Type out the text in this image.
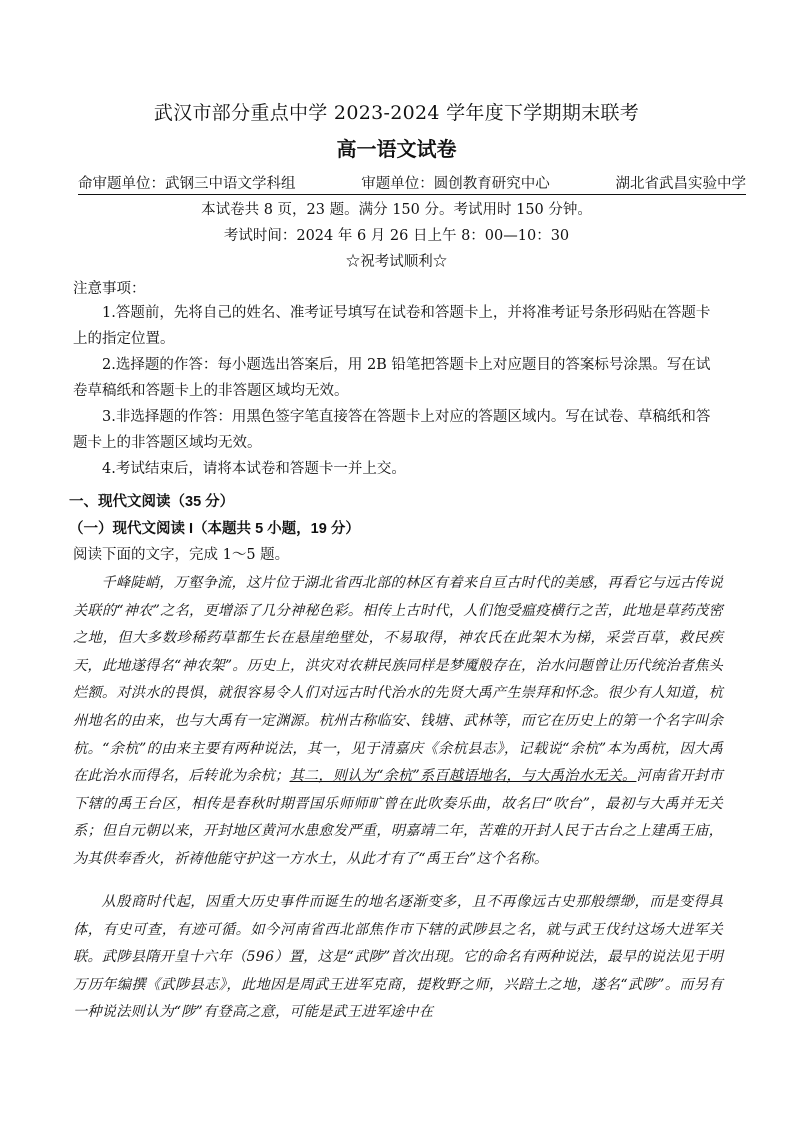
武汉市部分重点中学 2023-2024 学年度下学期期末联考
高一语文试卷
命审题单位：武钢三中语文学科组	审题单位：圆创教育研究中心	湖北省武昌实验中学
本试卷共 8 页，23 题。满分 150 分。考试用时 150 分钟。
考试时间：2024 年 6 月 26 日上午 8：00—10：30
☆祝考试顺利☆
注意事项：
1.答题前，先将自己的姓名、准考证号填写在试卷和答题卡上，并将准考证号条形码贴在答题卡上的指定位置。
2.选择题的作答：每小题选出答案后，用 2B 铅笔把答题卡上对应题目的答案标号涂黑。写在试卷草稿纸和答题卡上的非答题区域均无效。
3.非选择题的作答：用黑色签字笔直接答在答题卡上对应的答题区域内。写在试卷、草稿纸和答题卡上的非答题区域均无效。
4.考试结束后，请将本试卷和答题卡一并上交。
一、现代文阅读（35 分）
（一）现代文阅读 I（本题共 5 小题，19 分）
阅读下面的文字，完成 1～5 题。
千峰陡峭，万壑争流，这片位于湖北省西北部的林区有着来自亘古时代的美感，再看它与远古传说关联的“神农”之名，更增添了几分神秘色彩。相传上古时代，人们饱受瘟疫横行之苦，此地是草药茂密之地，但大多数珍稀药草都生长在悬崖绝壁处，不易取得，神农氏在此架木为梯，采尝百草，救民疾天，此地遂得名“神农架”。历史上，洪灾对农耕民族同样是梦魇般存在，治水问题曾让历代统治者焦头烂额。对洪水的畏惧，就很容易令人们对远古时代治水的先贤大禹产生崇拜和怀念。很少有人知道，杭州地名的由来，也与大禹有一定渊源。杭州古称临安、钱塘、武林等，而它在历史上的第一个名字叫余杭。“余杭”的由来主要有两种说法，其一，见于清嘉庆《余杭县志》，记载说“余杭”本为禹杭，因大禹在此治水而得名，后转讹为余杭；其二，则认为“余杭”系百越语地名，与大禹治水无关。河南省开封市下辖的禹王台区，相传是春秋时期晋国乐师师旷曾在此吹奏乐曲，故名曰“吹台”，最初与大禹并无关系；但自元朝以来，开封地区黄河水患愈发严重，明嘉靖二年，苦难的开封人民于古台之上建禹王庙，为其供奉香火，祈祷他能守护这一方水土，从此才有了“禹王台”这个名称。
从殷商时代起，因重大历史事件而诞生的地名逐渐变多，且不再像远古史那般缥缈，而是变得具体，有史可查，有迹可循。如今河南省西北部焦作市下辖的武陟县之名，就与武王伐纣这场大进军关联。武陟县隋开皇十六年（596）置，这是“武陟”首次出现。它的命名有两种说法，最早的说法见于明万历年编撰《武陟县志》，此地因是周武王进军克商，提敉野之师，兴踣土之地，遂名“武陟”。而另有一种说法则认为“陟”有登高之意，可能是武王进军途中在
